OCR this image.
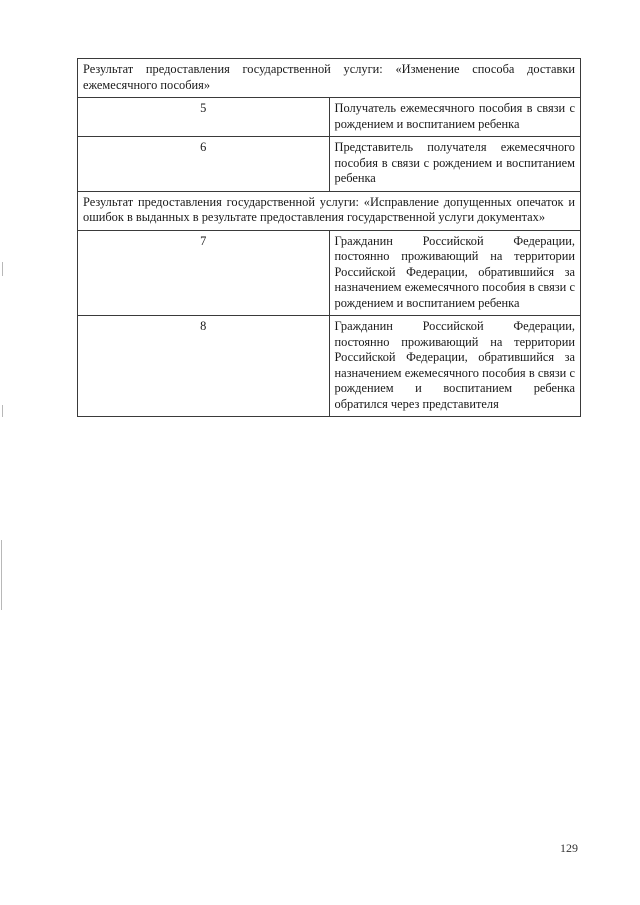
Результат предоставления государственной услуги: «Изменение способа доставки ежемесячного пособия»	
5	Получатель ежемесячного пособия в связи с рождением и воспитанием ребенка
6	Представитель получателя ежемесячного пособия в связи с рождением и воспитанием ребенка
Результат предоставления государственной услуги: «Исправление допущенных опечаток и ошибок в выданных в результате предоставления государственной услуги документах»	
7	Гражданин Российской Федерации, постоянно проживающий на территории Российской Федерации, обратившийся за назначением ежемесячного пособия в связи с рождением и воспитанием ребенка
8	Гражданин Российской Федерации, постоянно проживающий на территории Российской Федерации, обратившийся за назначением ежемесячного пособия в связи с рождением и воспитанием ребенка обратился через представителя
129
